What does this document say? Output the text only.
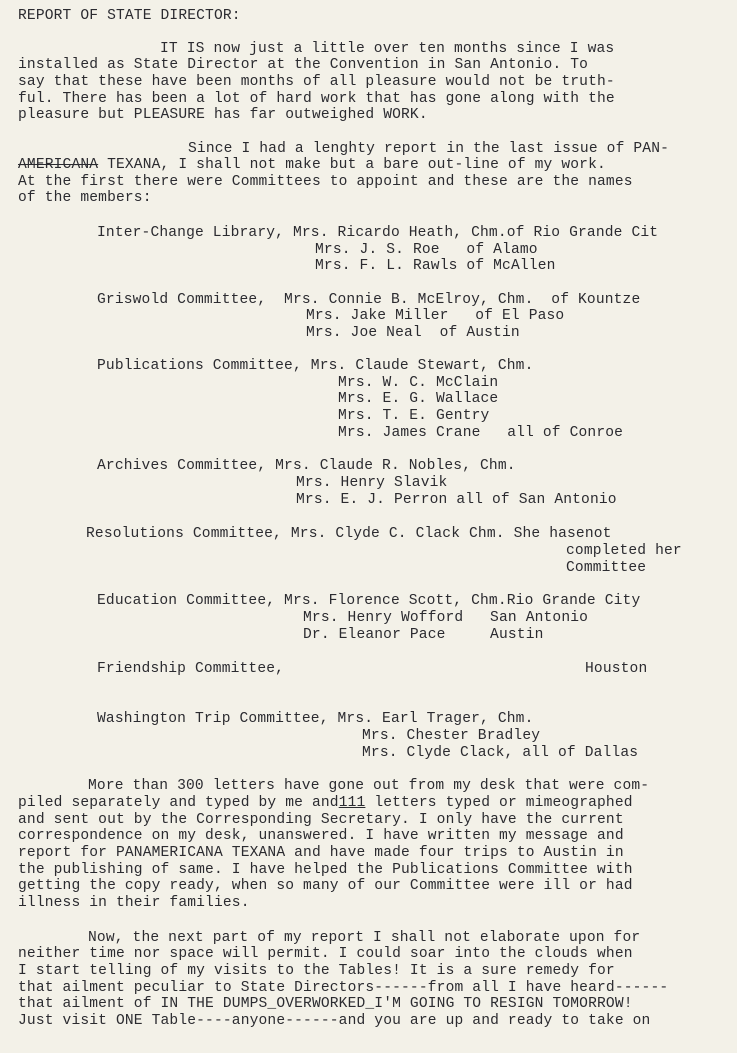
REPORT OF STATE DIRECTOR:
IT IS now just a little over ten months since I was
installed as State Director at the Convention in San Antonio. To
say that these have been months of all pleasure would not be truth-
ful. There has been a lot of hard work that has gone along with the
pleasure but PLEASURE has far outweighed WORK.
Since I had a lenghty report in the last issue of PAN-
AMERICANA TEXANA, I shall not make but a bare out-line of my work.
At the first there were Committees to appoint and these are the names
of the members:
Inter-Change Library, Mrs. Ricardo Heath, Chm.of Rio Grande Cit
Mrs. J. S. Roe   of Alamo
Mrs. F. L. Rawls of McAllen
Griswold Committee,  Mrs. Connie B. McElroy, Chm.  of Kountze
Mrs. Jake Miller   of El Paso
Mrs. Joe Neal  of Austin
Publications Committee, Mrs. Claude Stewart, Chm.
Mrs. W. C. McClain
Mrs. E. G. Wallace
Mrs. T. E. Gentry
Mrs. James Crane   all of Conroe
Archives Committee, Mrs. Claude R. Nobles, Chm.
Mrs. Henry Slavik
Mrs. E. J. Perron all of San Antonio
Resolutions Committee, Mrs. Clyde C. Clack Chm. She hasenot
completed her
Committee
Education Committee, Mrs. Florence Scott, Chm.Rio Grande City
Mrs. Henry Wofford   San Antonio
Dr. Eleanor Pace     Austin
Friendship Committee,	Houston
Washington Trip Committee, Mrs. Earl Trager, Chm.
Mrs. Chester Bradley
Mrs. Clyde Clack, all of Dallas
More than 300 letters have gone out from my desk that were com-
piled separately and typed by me and111 letters typed or mimeographed
and sent out by the Corresponding Secretary. I only have the current
correspondence on my desk, unanswered. I have written my message and
report for PANAMERICANA TEXANA and have made four trips to Austin in
the publishing of same. I have helped the Publications Committee with
getting the copy ready, when so many of our Committee were ill or had
illness in their families.
Now, the next part of my report I shall not elaborate upon for
neither time nor space will permit. I could soar into the clouds when
I start telling of my visits to the Tables! It is a sure remedy for
that ailment peculiar to State Directors------from all I have heard------
that ailment of IN THE DUMPS_OVERWORKED_I'M GOING TO RESIGN TOMORROW!
Just visit ONE Table----anyone------and you are up and ready to take on
